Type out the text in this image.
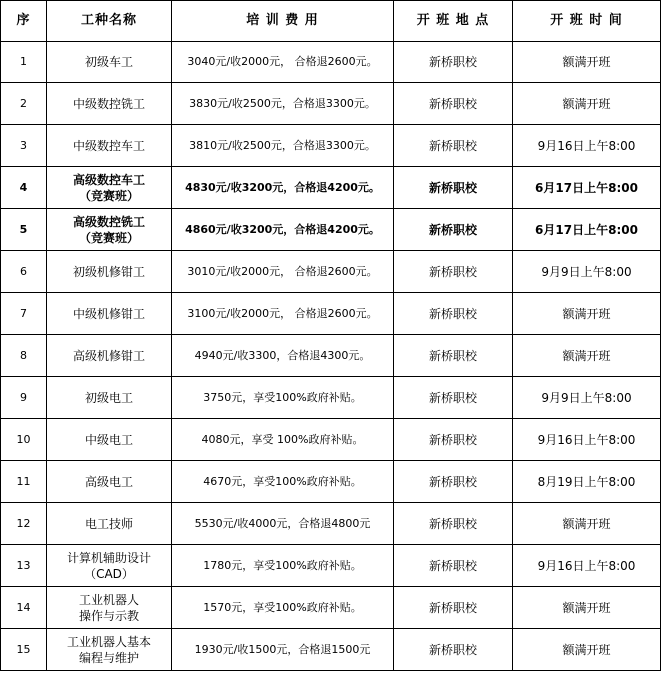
序	工种名称	培 训 费 用	开 班 地 点	开 班 时 间
1	初级车工	3040元/收2000元， 合格退2600元。	新桥职校	额满开班
2	中级数控铣工	3830元/收2500元，合格退3300元。	新桥职校	额满开班
3	中级数控车工	3810元/收2500元，合格退3300元。	新桥职校	9月16日上午8:00
4	高级数控车工
（竞赛班）	4830元/收3200元，合格退4200元。	新桥职校	6月17日上午8:00
5	高级数控铣工
（竞赛班）	4860元/收3200元，合格退4200元。	新桥职校	6月17日上午8:00
6	初级机修钳工	3010元/收2000元， 合格退2600元。	新桥职校	9月9日上午8:00
7	中级机修钳工	3100元/收2000元， 合格退2600元。	新桥职校	额满开班
8	高级机修钳工	4940元/收3300，合格退4300元。	新桥职校	额满开班
9	初级电工	3750元，享受100%政府补贴。	新桥职校	9月9日上午8:00
10	中级电工	4080元，享受 100%政府补贴。	新桥职校	9月16日上午8:00
11	高级电工	4670元，享受100%政府补贴。	新桥职校	8月19日上午8:00
12	电工技师	5530元/收4000元，合格退4800元	新桥职校	额满开班
13	计算机辅助设计
（CAD）	1780元，享受100%政府补贴。	新桥职校	9月16日上午8:00
14	工业机器人
操作与示教	1570元，享受100%政府补贴。	新桥职校	额满开班
15	工业机器人基本
编程与维护	1930元/收1500元，合格退1500元	新桥职校	额满开班
